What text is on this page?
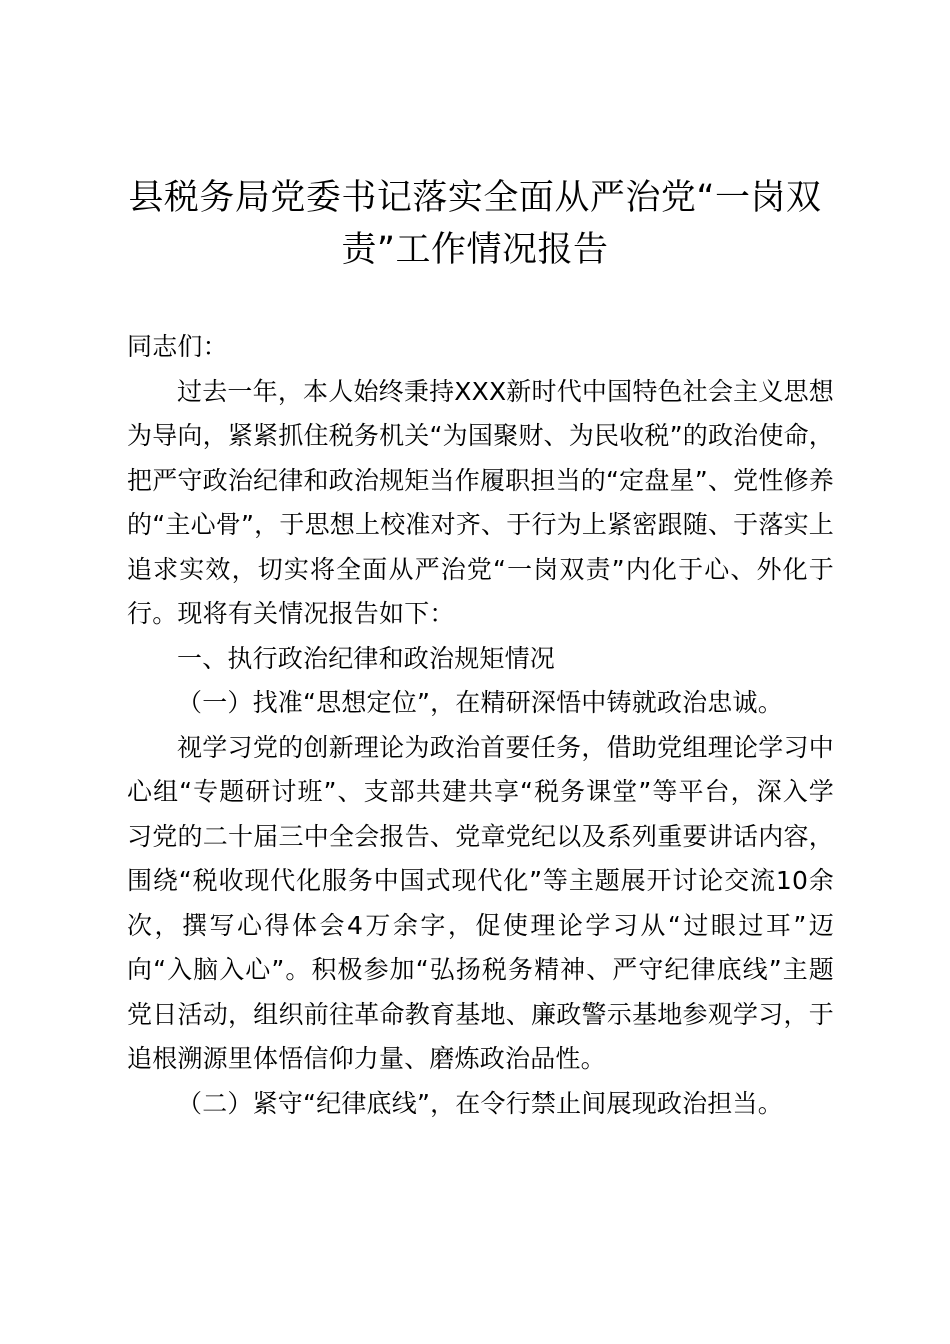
县税务局党委书记落实全面从严治党“一岗双责”工作情况报告

同志们：

过去一年，本人始终秉持XXX新时代中国特色社会主义思想为导向，紧紧抓住税务机关“为国聚财、为民收税”的政治使命，把严守政治纪律和政治规矩当作履职担当的“定盘星”、党性修养的“主心骨”，于思想上校准对齐、于行为上紧密跟随、于落实上追求实效，切实将全面从严治党“一岗双责”内化于心、外化于行。现将有关情况报告如下：

一、执行政治纪律和政治规矩情况

（一）找准“思想定位”，在精研深悟中铸就政治忠诚。

视学习党的创新理论为政治首要任务，借助党组理论学习中心组“专题研讨班”、支部共建共享“税务课堂”等平台，深入学习党的二十届三中全会报告、党章党纪以及系列重要讲话内容，围绕“税收现代化服务中国式现代化”等主题展开讨论交流10余次，撰写心得体会4万余字，促使理论学习从“过眼过耳”迈向“入脑入心”。积极参加“弘扬税务精神、严守纪律底线”主题党日活动，组织前往革命教育基地、廉政警示基地参观学习，于追根溯源里体悟信仰力量、磨炼政治品性。

（二）紧守“纪律底线”，在令行禁止间展现政治担当。
